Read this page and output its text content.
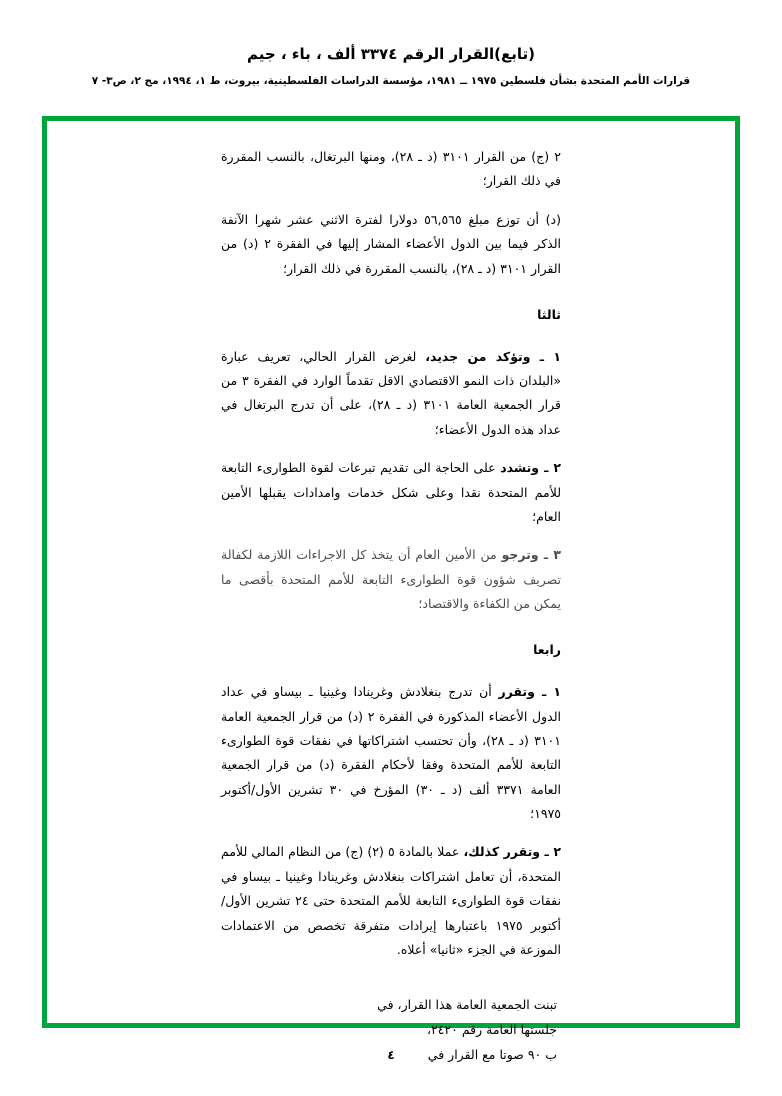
(تابع)القرار الرقم ٣٣٧٤ ألف ، باء ، جيم
قرارات الأمم المتحدة بشأن فلسطين ١٩٧٥ ــ ١٩٨١، مؤسسة الدراسات الفلسطينية، بيروت، ط ١، ١٩٩٤، مج ٢، ص٣- ٧

٢ (ج) من القرار ٣١٠١ (د ـ ٢٨)، ومنها البرتغال، بالنسب المقررة في ذلك القرار؛

(د) أن توزع مبلغ ٥٦,٥٦٥ دولارا لفترة الاثني عشر شهرا الآنفة الذكر فيما بين الدول الأعضاء المشار إليها في الفقرة ٢ (د) من القرار ٣١٠١ (د ـ ٢٨)، بالنسب المقررة في ذلك القرار؛

ثالثا

١ ـ وتؤكد من جديد، لغرض القرار الحالي، تعريف عبارة «البلدان ذات النمو الاقتصادي الاقل تقدماً الوارد في الفقرة ٣ من قرار الجمعية العامة ٣١٠١ (د ـ ٢٨)، على أن تدرج البرتغال في عداد هذه الدول الأعضاء؛

٢ ـ وتشدد على الحاجة الى تقديم تبرعات لقوة الطوارىء التابعة للأمم المتحدة نقدا وعلى شكل خدمات وامدادات يقبلها الأمين العام؛

٣ ـ وترجو من الأمين العام أن يتخذ كل الاجراءات اللازمة لكفالة تصريف شؤون قوة الطوارىء التابعة للأمم المتحدة بأقصى ما يمكن من الكفاءة والاقتصاد؛

رابعا

١ ـ وتقرر أن تدرج بنغلادش وغرينادا وغينيا ـ بيساو في عداد الدول الأعضاء المذكورة في الفقرة ٢ (د) من قرار الجمعية العامة ٣١٠١ (د ـ ٢٨)، وأن تحتسب اشتراكاتها في نفقات قوة الطوارىء التابعة للأمم المتحدة وفقا لأحكام الفقرة (د) من قرار الجمعية العامة ٣٣٧١ ألف (د ـ ٣٠) المؤرخ في ٣٠ تشرين الأول/أكتوبر ١٩٧٥؛

٢ ـ وتقرر كذلك، عملا بالمادة ٥ (٢) (ج) من النظام المالي للأمم المتحدة، أن تعامل اشتراكات بنغلادش وغرينادا وغينيا ـ بيساو في نفقات قوة الطوارىء التابعة للأمم المتحدة حتى ٢٤ تشرين الأول/أكتوبر ١٩٧٥ باعتبارها إيرادات متفرقة تخصص من الاعتمادات الموزعة في الجزء «ثانيا» أعلاه.

تبنت الجمعية العامة هذا القرار، في

جلستها العامة رقم ٢٤٢٠،

ب ٩٠ صوتا مع القرار في

٤
